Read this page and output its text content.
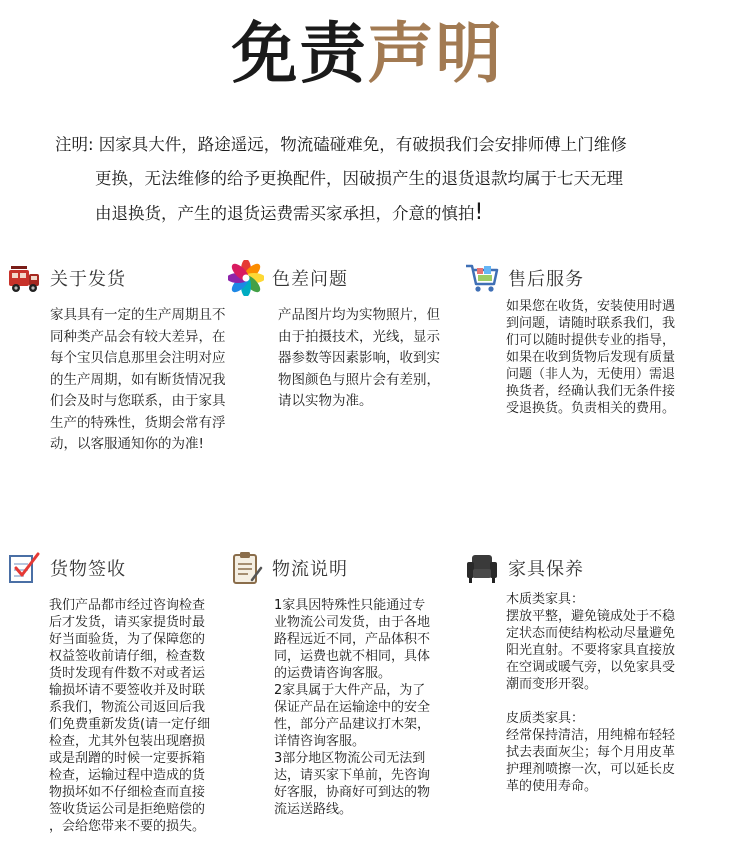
免责声明
注明: 因家具大件，路途遥远，物流磕碰难免，有破损我们会安排师傅上门维修
更换，无法维修的给予更换配件，因破损产生的退货退款均属于七天无理
由退换货，产生的退货运费需买家承担，介意的慎拍!
关于发货
家具具有一定的生产周期且不
同种类产品会有较大差异，在
每个宝贝信息那里会注明对应
的生产周期，如有断货情况我
们会及时与您联系，由于家具
生产的特殊性，货期会常有浮
动，以客服通知你的为准!
色差问题
产品图片均为实物照片，但
由于拍摄技术，光线，显示
器参数等因素影响，收到实
物图颜色与照片会有差别，
请以实物为准。
售后服务
如果您在收货，安装使用时遇
到问题，请随时联系我们，我
们可以随时提供专业的指导，
如果在收到货物后发现有质量
问题（非人为，无使用）需退
换货者，经确认我们无条件接
受退换货。负责相关的费用。
货物签收
我们产品都市经过咨询检查
后才发货，请买家提货时最
好当面验货，为了保障您的
权益签收前请仔细，检查数
货时发现有件数不对或者运
输损坏请不要签收并及时联
系我们，物流公司返回后我
们免费重新发货(请一定仔细
检查，尤其外包装出现磨损
或是刮蹭的时候一定要拆箱
检查，运输过程中造成的货
物损坏如不仔细检查而直接
签收货运公司是拒绝赔偿的
，会给您带来不要的损失。
物流说明
1家具因特殊性只能通过专
业物流公司发货，由于各地
路程远近不同，产品体积不
同，运费也就不相同，具体
的运费请咨询客服。
2家具属于大件产品，为了
保证产品在运输途中的安全
性，部分产品建议打木架，
详情咨询客服。
3部分地区物流公司无法到
达，请买家下单前，先咨询
好客服，协商好可到达的物
流运送路线。
家具保养
木质类家具：
摆放平整，避免镜成处于不稳
定状态而使结构松动尽量避免
阳光直射。不要将家具直接放
在空调或暖气旁，以免家具受
潮而变形开裂。
皮质类家具：
经常保持清洁，用纯棉布轻轻
拭去表面灰尘；每个月用皮革
护理剂喷擦一次，可以延长皮
革的使用寿命。
